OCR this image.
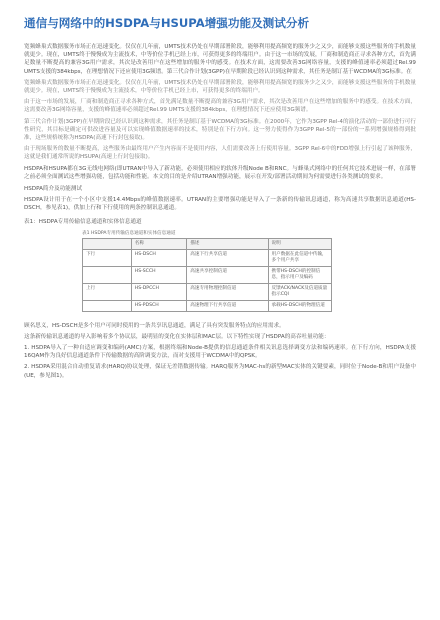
通信与网络中的HSDPA与HSUPA增强功能及测试分析

宽频蜂巢式数据服务市场正在迅速变化。仅仅在几年前，UMTS技术仍处在早期部署阶段，能够利用提高频宽的服务少之又少，而能够支援这些服务的手机数量就更少。现在，UMTS终于慢慢成为主流技术，中等价位手机已经上市，可获得更多的终端用户。由于这一市场的发展，厂商和制造商正寻求各种方式，首先满足数量不断提高的兼容3G用户需求，其次是改善用户在这些增加的服务中的感受。在技术方面，这需要改善3G网络容量，支援的峰值速率必须超过Rel.99 UMTS支援的384kbps，在理想情况下还应使用3G频谱。第三代合作计划(3GPP)在早期阶段已经认识到这种需求，其任务是制订基于WCDMA的3G标准。在

宽频蜂巢式数据服务市场正在迅速变化。仅仅在几年前，UMTS技术仍处在早期部署阶段，能够利用提高频宽的服务少之又少，而能够支援这些服务的手机数量就更少。现在，UMTS终于慢慢成为主流技术，中等价位手机已经上市，可获得更多的终端用户。

由于这一市场的发展，厂商和制造商正寻求各种方式，首先满足数量不断提高的兼容3G用户需求，其次是改善用户在这些增加的服务中的感受。在技术方面，这需要改善3G网络容量，支援的峰值速率必须超过Rel.99 UMTS支援的384kbps，在理想情况下还应使用3G频谱。

第三代合作计划(3GPP)在早期阶段已经认识到这种需求，其任务是制订基于WCDMA的3G标准。在2000年，它作为3GPP Rel-4的演化活动的一部份进行可行性研究，其目标是确定可供改进容量及可以实现峰值数据速率的技术，特别是在下行方向。这一努力使得作为3GPP Rel-5的一部份的一系列增强规格得到批准，这些规格统称为HSDPA(高速下行封包接取)。

由于现场服务的数量不断提高，这些服务由最终用户产生内容而不是使用内容，人们需要改善上行使用容量。3GPP Rel-6中的FDD增强上行引起了该种服务，这就是我们通常所说的HSUPA(高速上行封包接取)。

HSDPA和HSUPA都在3G无线电网络(即UTRAN中导入了新功能，必须使用相应的软体升级Node B和RNC。与蜂巢式网络中的任何其它技术进展一样，在部署之前必须全面测试这些增强功能，包括功能和性能。本文的目的是介绍UTRAN增强功能，展示在开发/部署活动期间为何需要进行各类测试的要求。

HSDPA简介及功能测试

HSDPA设计用于在一个小区中支援14.4Mbps的峰值数据速率。UTRAN的主要增强功能是导入了一条新的传输讯息通道，称为高速共享数据讯息通道(HS-DSCH，参见表1)，供加上行和下行使用的两条控制讯息通道。

表1：HSDPA专用传输信息通道和实体信息通道
表1 HSDPA专用传输信息通道和实体信息通道
	名称	描述	说明
下行	HS-DSCH	高速下行共享信道	用户数据在此信道中传输，多个用户共享
	HS-SCCH	高速共享控制信道	携带HS-DSCH的控制信息，指示用户及编码
上行	HS-DPCCH	高速专用物理控制信道	反馈ACK/NACK及信道质量指示CQI
	HS-PDSCH	高速物理下行共享信道	承载HS-DSCH的物理信道

顾名思义，HS-DSCH是多个用户可同时使用的一条共享讯息通道，满足了具有突发服务特点的应用需求。

这条新传输讯息通道的导入影响着多个协议层，最明显的变化在实体层和MAC层。以下特性实现了HSDPA的高吞吐量功能：

1. HSDPA导入了一种自适应调变和编码(AMC)方案，根据终端和Node-B提供的信息通道条件相关讯息选择调变方法和编码速率。在下行方向，HSDPA支援16QAM作为良好信息通道条件下传输数据的高阶调变方法，而对支援用于WCDMA中的QPSK。

2. HSDPA采用混合自动重复请求(HARQ)协议处理，保证无差错数据传输。HARQ服务为MAC-hs的新型MAC实体的关键要素，同时位于Node-B和用户设备中(UE，参见图1)。
